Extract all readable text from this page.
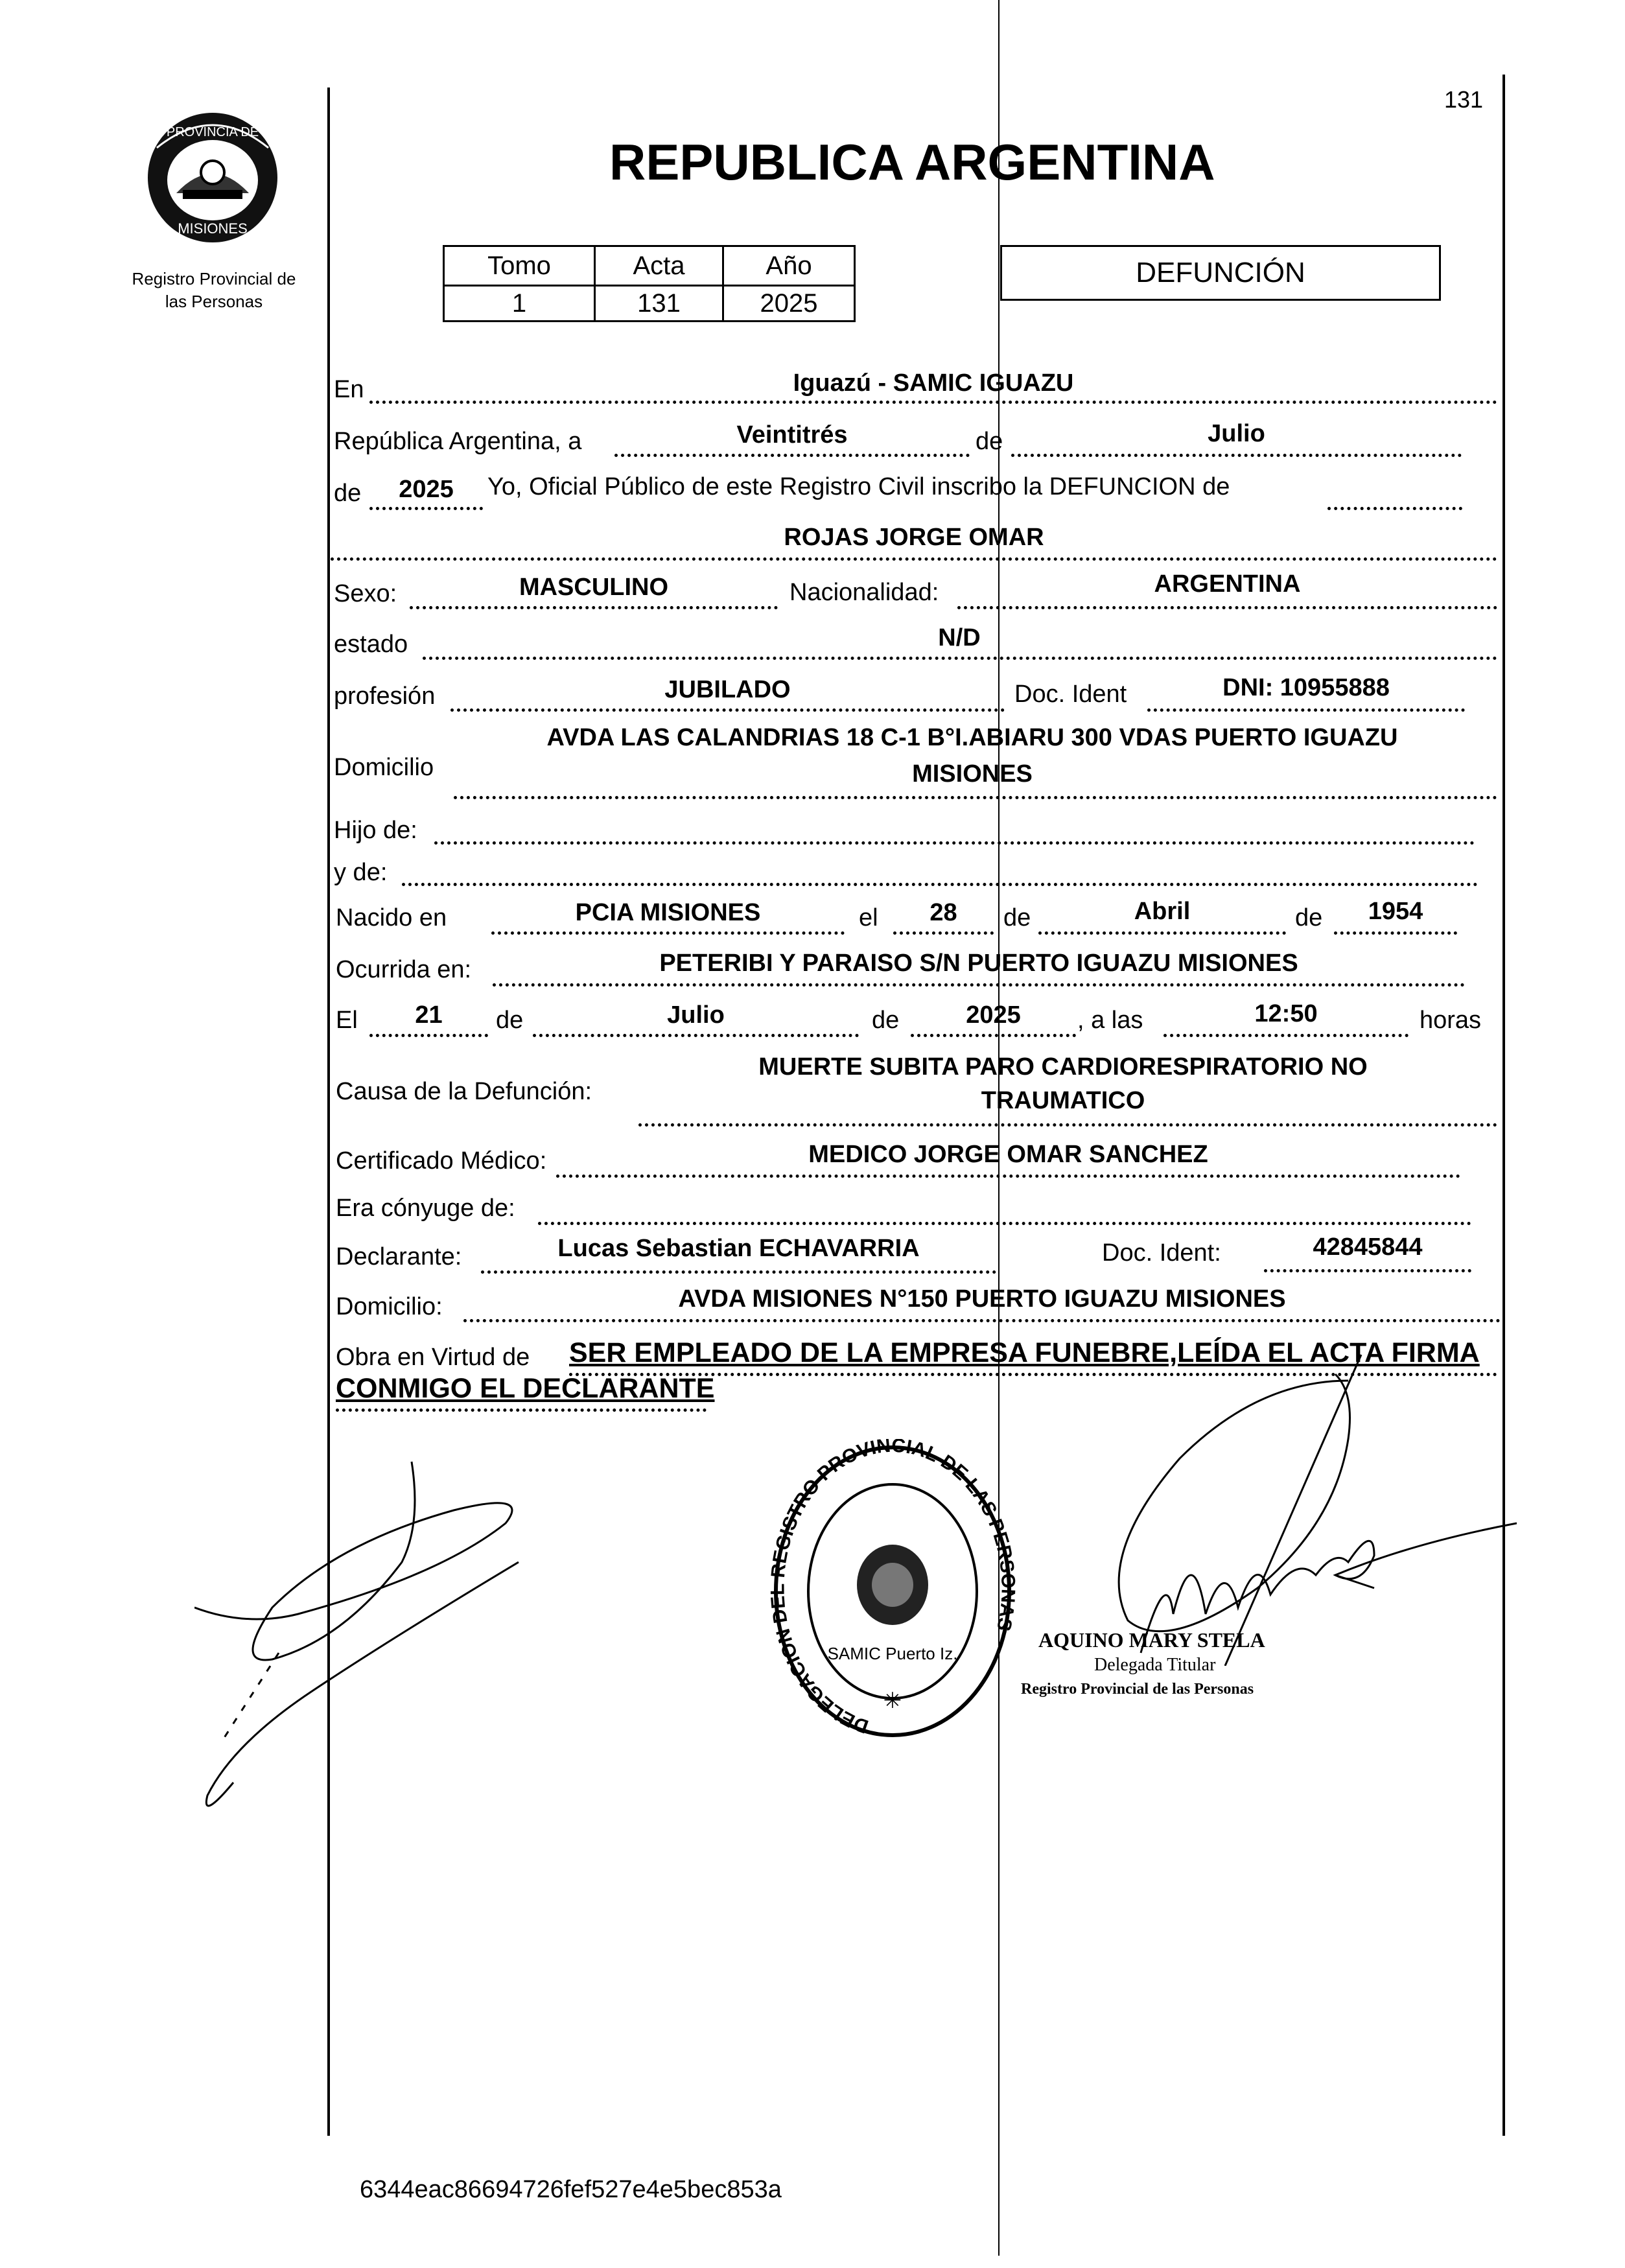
131
PROVINCIA DE
MISIONES
Registro Provincial de
las Personas
REPUBLICA ARGENTINA
Tomo	Acta	Año
1	131	2025
DEFUNCIÓN
En	Iguazú - SAMIC IGUAZU
República Argentina, a	Veintitrés	de	Julio
de	2025	Yo, Oficial Público de este Registro Civil inscribo la DEFUNCION de
ROJAS JORGE OMAR
Sexo:	MASCULINO	Nacionalidad:	ARGENTINA
estado	N/D
profesión	JUBILADO	Doc. Ident	DNI: 10955888
Domicilio
AVDA LAS CALANDRIAS 18 C-1 B°I.ABIARU 300 VDAS PUERTO IGUAZU
MISIONES
Hijo de:
y de:
Nacido en	PCIA MISIONES	el	28	de	Abril	de	1954
Ocurrida en:	PETERIBI Y PARAISO S/N PUERTO IGUAZU MISIONES
El	21	de	Julio	de	2025	, a las	12:50	horas
Causa de la Defunción:
MUERTE SUBITA PARO CARDIORESPIRATORIO NO
TRAUMATICO
Certificado Médico:	MEDICO JORGE OMAR SANCHEZ
Era cónyuge de:
Declarante:	Lucas Sebastian ECHAVARRIA	Doc. Ident:	42845844
Domicilio:	AVDA MISIONES N°150 PUERTO IGUAZU MISIONES
Obra en Virtud de SER EMPLEADO DE LA EMPRESA FUNEBRE,LEÍDA EL ACTA FIRMA
CONMIGO EL DECLARANTE
DELEGACION DEL REGISTRO PROVINCIAL DE LAS PERSONAS
SAMIC Puerto Iz.
✳
AQUINO MARY STELA
Delegada Titular
Registro Provincial de las Personas
6344eac86694726fef527e4e5bec853a
